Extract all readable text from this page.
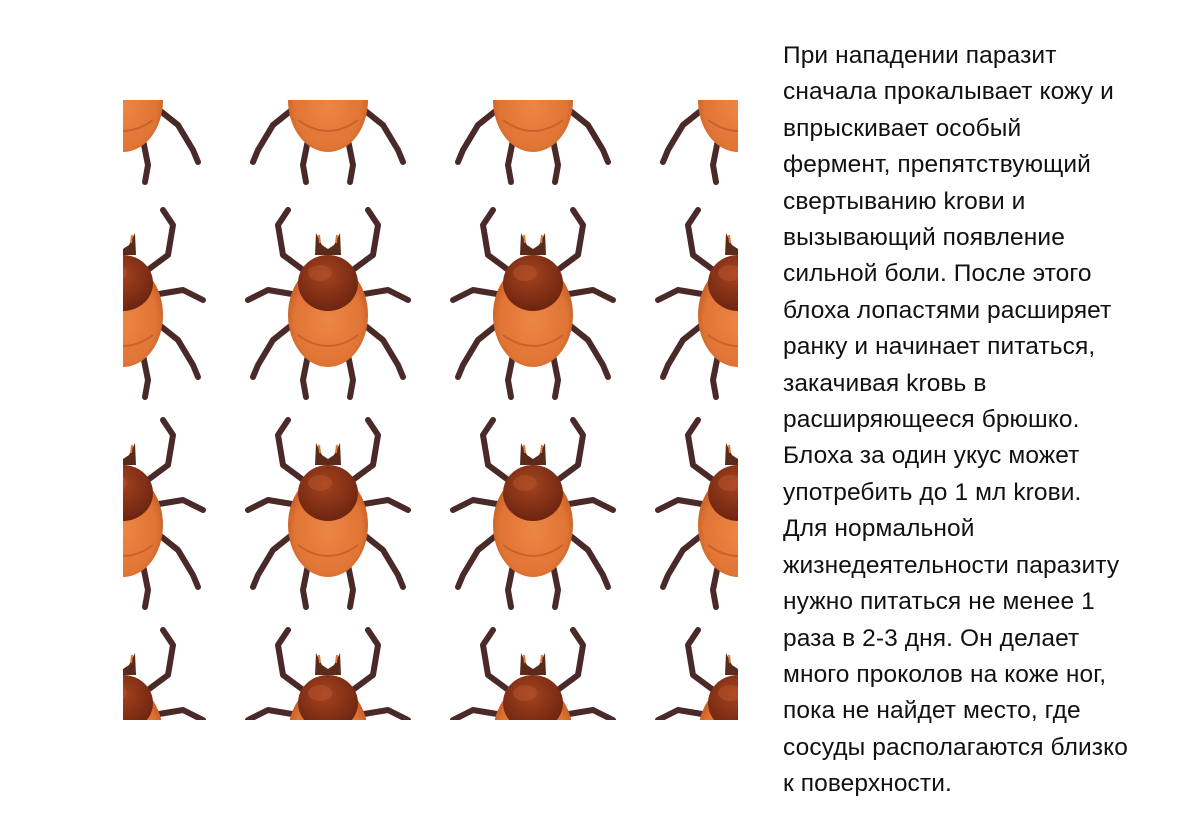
При нападении паразит
сначала прокалывает кожу и
впрыскивает особый
фермент, препятствующий
свертыванию krови и
вызывающий появление
сильной боли. После этого
блоха лопастями расширяет
ранку и начинает питаться,
закачивая kroвь в
расширяющееся брюшко.
Блоха за один укус может
употребить до 1 мл krови.
Для нормальной
жизнедеятельности паразиту
нужно питаться не менее 1
раза в 2-3 дня. Он делает
много проколов на коже ног,
пока не найдет место, где
сосуды располагаются близко
к поверхности.
